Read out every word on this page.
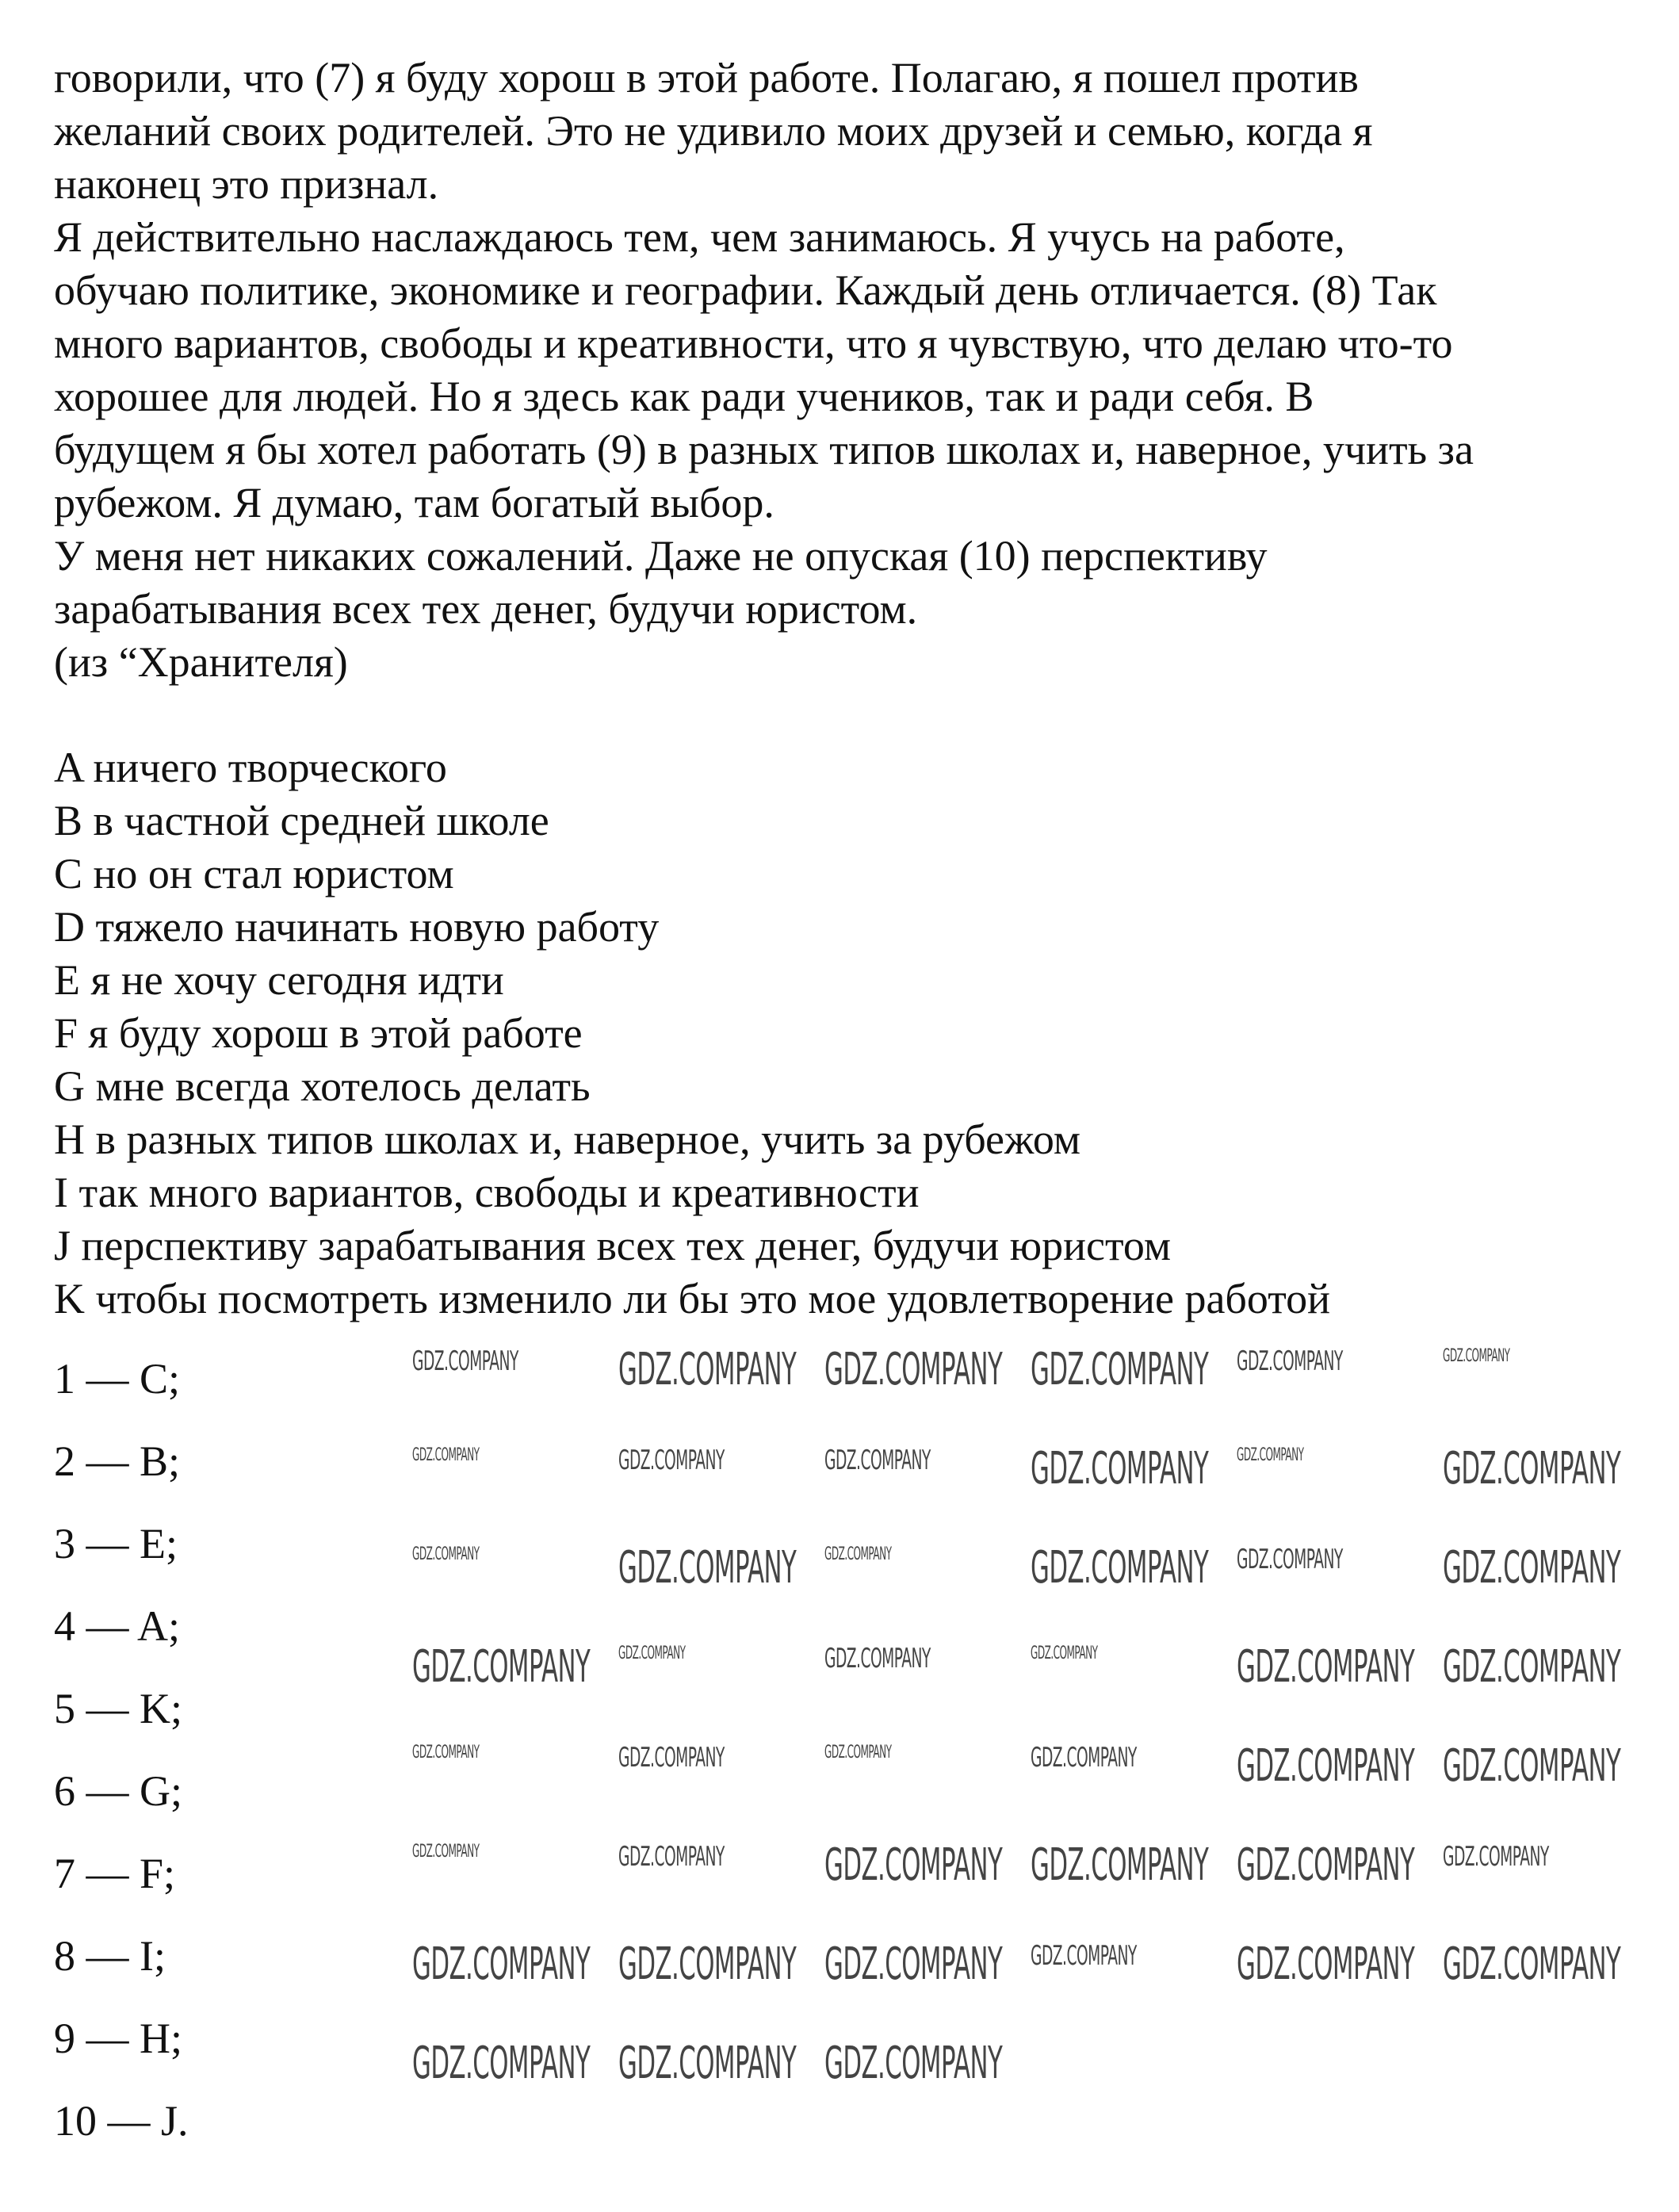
говорили, что (7) я буду хорош в этой работе. Полагаю, я пошел против
желаний своих родителей. Это не удивило моих друзей и семью, когда я
наконец это признал.
Я действительно наслаждаюсь тем, чем занимаюсь. Я учусь на работе,
обучаю политике, экономике и географии. Каждый день отличается. (8) Так
много вариантов, свободы и креативности, что я чувствую, что делаю что-то
хорошее для людей. Но я здесь как ради учеников, так и ради себя. В
будущем я бы хотел работать (9) в разных типов школах и, наверное, учить за
рубежом. Я думаю, там богатый выбор.
У меня нет никаких сожалений. Даже не опуская (10) перспективу
зарабатывания всех тех денег, будучи юристом.
(из “Хранителя)
A ничего творческого
B в частной средней школе
C но он стал юристом
D тяжело начинать новую работу
E я не хочу сегодня идти
F я буду хорош в этой работе
G мне всегда хотелось делать
H в разных типов школах и, наверное, учить за рубежом
I так много вариантов, свободы и креативности
J перспективу зарабатывания всех тех денег, будучи юристом
K чтобы посмотреть изменило ли бы это мое удовлетворение работой
1 — C;
2 — B;
3 — E;
4 — A;
5 — K;
6 — G;
7 — F;
8 — I;
9 — H;
10 — J.
GDZ.COMPANY GDZ.COMPANY GDZ.COMPANY GDZ.COMPANY GDZ.COMPANY	GDZ.COMPANY
GDZ.COMPANY	GDZ.COMPANY	GDZ.COMPANY GDZ.COMPANY GDZ.COMPANY	GDZ.COMPANY
GDZ.COMPANY	GDZ.COMPANY GDZ.COMPANY	GDZ.COMPANY GDZ.COMPANY GDZ.COMPANY
GDZ.COMPANY GDZ.COMPANY	GDZ.COMPANY	GDZ.COMPANY	GDZ.COMPANY GDZ.COMPANY
GDZ.COMPANY	GDZ.COMPANY	GDZ.COMPANY	GDZ.COMPANY GDZ.COMPANY GDZ.COMPANY
GDZ.COMPANY	GDZ.COMPANY GDZ.COMPANY GDZ.COMPANY GDZ.COMPANY GDZ.COMPANY
GDZ.COMPANY GDZ.COMPANY GDZ.COMPANY GDZ.COMPANY GDZ.COMPANY GDZ.COMPANY
GDZ.COMPANY GDZ.COMPANY GDZ.COMPANY
